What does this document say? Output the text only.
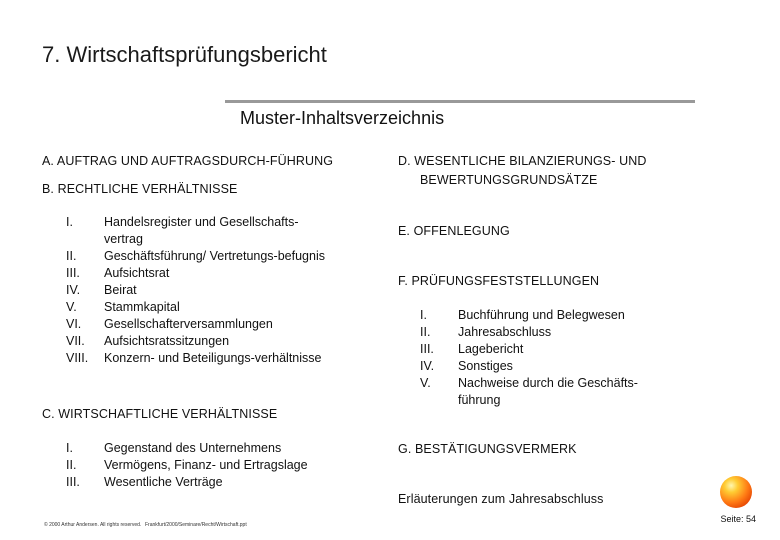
7. Wirtschaftsprüfungsbericht
Muster-Inhaltsverzeichnis
A. AUFTRAG UND AUFTRAGSDURCH-FÜHRUNG
B. RECHTLICHE VERHÄLTNISSE
I.	Handelsregister und Gesellschafts-vertrag
II.	Geschäftsführung/ Vertretungs-befugnis
III.	Aufsichtsrat
IV.	Beirat
V.	Stammkapital
VI.	Gesellschafterversammlungen
VII.	Aufsichtsratssitzungen
VIII.	Konzern- und Beteiligungs-verhältnisse
C. WIRTSCHAFTLICHE VERHÄLTNISSE
I.	Gegenstand des Unternehmens
II.	Vermögens, Finanz- und Ertragslage
III.	Wesentliche Verträge
D. WESENTLICHE BILANZIERUNGS- UND
BEWERTUNGSGRUNDSÄTZE
E. OFFENLEGUNG
F. PRÜFUNGSFESTSTELLUNGEN
I.	Buchführung und Belegwesen
II.	Jahresabschluss
III.	Lagebericht
IV.	Sonstiges
V.	Nachweise durch die Geschäfts-führung
G. BESTÄTIGUNGSVERMERK
Erläuterungen zum Jahresabschluss
© 2000 Arthur Andersen. All rights reserved. Frankfurt/2000/Seminare/Recht/Wirtschaft.ppt
Seite: 54
